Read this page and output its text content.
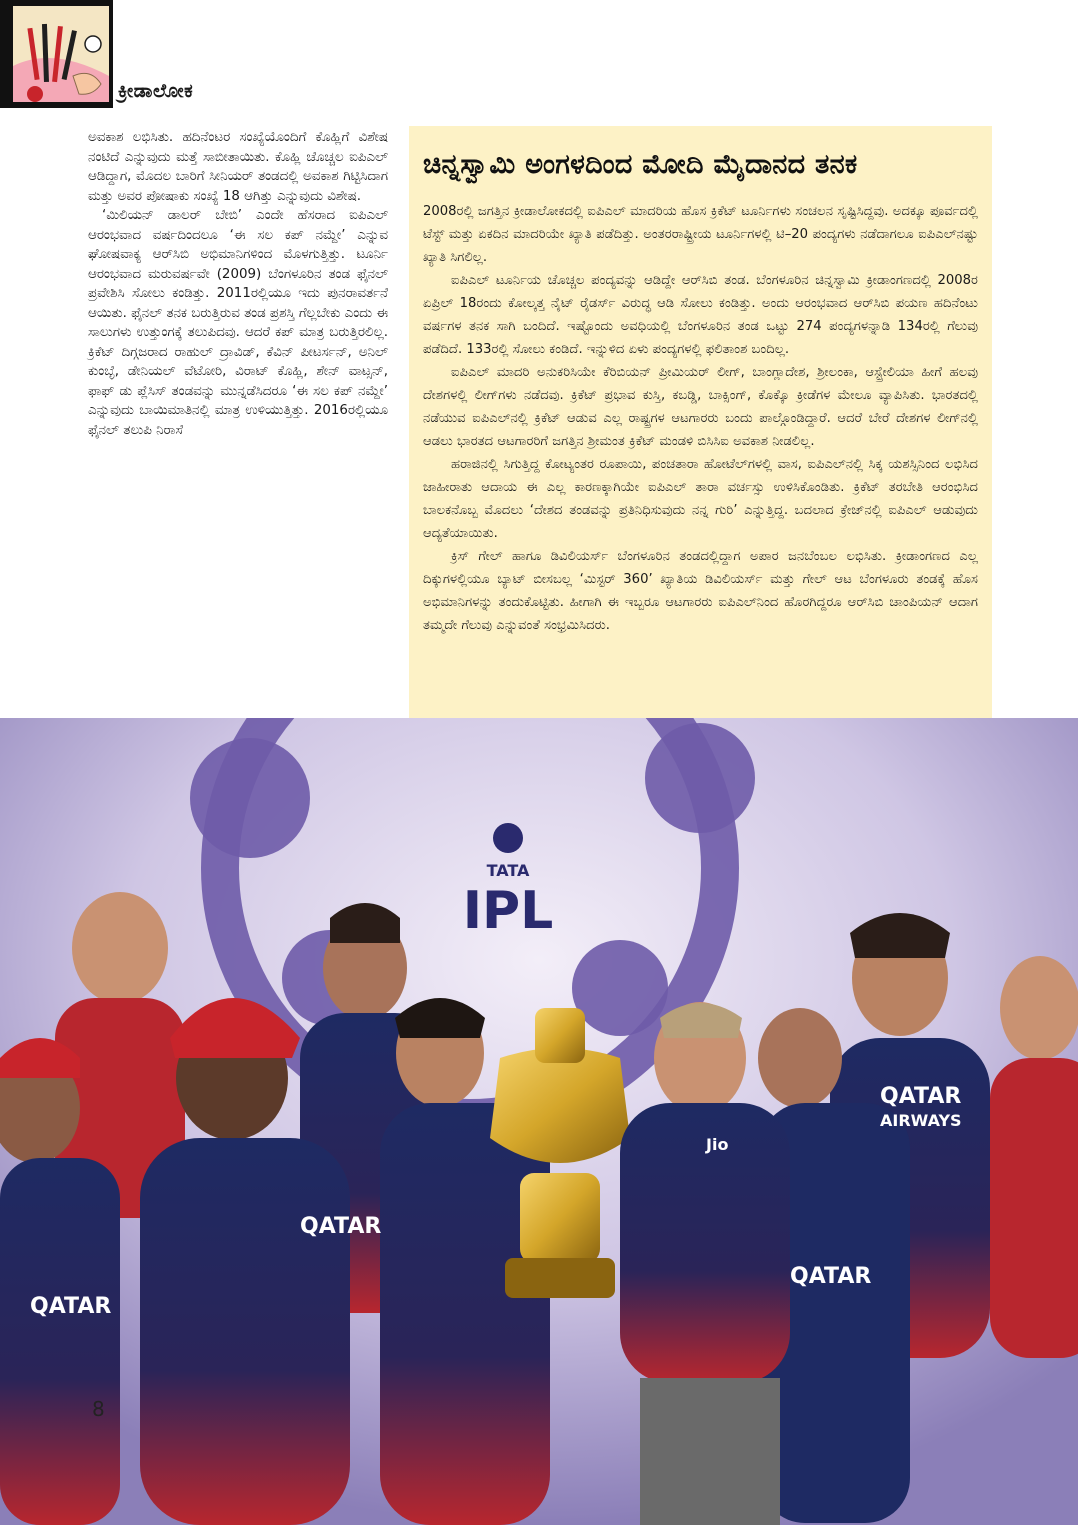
ಕ್ರೀಡಾಲೋಕ

ಅವಕಾಶ ಲಭಿಸಿತು. ಹದಿನೆಂಟರ ಸಂಖ್ಯೆಯೊಂದಿಗೆ ಕೊಹ್ಲಿಗೆ ವಿಶೇಷ ನಂಟಿದೆ ಎನ್ನುವುದು ಮತ್ತೆ ಸಾಬೀತಾಯಿತು. ಕೊಹ್ಲಿ ಚೊಚ್ಚಲ ಐಪಿಎಲ್ ಆಡಿದ್ದಾಗ, ಮೊದಲ ಬಾರಿಗೆ ಸೀನಿಯರ್ ತಂಡದಲ್ಲಿ ಅವಕಾಶ ಗಿಟ್ಟಿಸಿದಾಗ ಮತ್ತು ಅವರ ಪೋಷಾಕು ಸಂಖ್ಯೆ 18 ಆಗಿತ್ತು ಎನ್ನುವುದು ವಿಶೇಷ.

‘ಮಿಲಿಯನ್ ಡಾಲರ್ ಬೇಬಿ’ ಎಂದೇ ಹೆಸರಾದ ಐಪಿಎಲ್ ಆರಂಭವಾದ ವರ್ಷದಿಂದಲೂ ‘ಈ ಸಲ ಕಪ್ ನಮ್ದೇ’ ಎನ್ನುವ ಘೋಷವಾಕ್ಯ ಆರ್‌ಸಿಬಿ ಅಭಿಮಾನಿಗಳಿಂದ ಮೊಳಗುತ್ತಿತ್ತು. ಟೂರ್ನಿ ಆರಂಭವಾದ ಮರುವರ್ಷವೇ (2009) ಬೆಂಗಳೂರಿನ ತಂಡ ಫೈನಲ್ ಪ್ರವೇಶಿಸಿ ಸೋಲು ಕಂಡಿತ್ತು. 2011ರಲ್ಲಿಯೂ ಇದು ಪುನರಾವರ್ತನೆ ಆಯಿತು. ಫೈನಲ್ ತನಕ ಬರುತ್ತಿರುವ ತಂಡ ಪ್ರಶಸ್ತಿ ಗೆಲ್ಲಬೇಕು ಎಂದು ಈ ಸಾಲುಗಳು ಉತ್ತುಂಗಕ್ಕೆ ತಲುಪಿದವು. ಆದರೆ ಕಪ್ ಮಾತ್ರ ಬರುತ್ತಿರಲಿಲ್ಲ. ಕ್ರಿಕೆಟ್ ದಿಗ್ಗಜರಾದ ರಾಹುಲ್ ದ್ರಾವಿಡ್, ಕೆವಿನ್ ಪೀಟರ್ಸನ್, ಅನಿಲ್ ಕುಂಬ್ಳೆ, ಡೇನಿಯಲ್ ವೆಟೋರಿ, ವಿರಾಟ್ ಕೊಹ್ಲಿ, ಶೇನ್ ವಾಟ್ಸನ್, ಫಾಫ್ ಡು ಪ್ಲೆಸಿಸ್ ತಂಡವನ್ನು ಮುನ್ನಡೆಸಿದರೂ ‘ಈ ಸಲ ಕಪ್ ನಮ್ದೇ’ ಎನ್ನುವುದು ಬಾಯಿಮಾತಿನಲ್ಲಿ ಮಾತ್ರ ಉಳಿಯುತ್ತಿತ್ತು. 2016ರಲ್ಲಿಯೂ ಫೈನಲ್ ತಲುಪಿ ನಿರಾಸೆ

ಚಿನ್ನಸ್ವಾಮಿ ಅಂಗಳದಿಂದ ಮೋದಿ ಮೈದಾನದ ತನಕ

2008ರಲ್ಲಿ ಜಗತ್ತಿನ ಕ್ರೀಡಾಲೋಕದಲ್ಲಿ ಐಪಿಎಲ್ ಮಾದರಿಯ ಹೊಸ ಕ್ರಿಕೆಟ್ ಟೂರ್ನಿಗಳು ಸಂಚಲನ ಸೃಷ್ಟಿಸಿದ್ದವು. ಅದಕ್ಕೂ ಪೂರ್ವದಲ್ಲಿ ಟೆಸ್ಟ್ ಮತ್ತು ಏಕದಿನ ಮಾದರಿಯೇ ಖ್ಯಾತಿ ಪಡೆದಿತ್ತು. ಅಂತರರಾಷ್ಟ್ರೀಯ ಟೂರ್ನಿಗಳಲ್ಲಿ ಟಿ–20 ಪಂದ್ಯಗಳು ನಡೆದಾಗಲೂ ಐಪಿಎಲ್‌ನಷ್ಟು ಖ್ಯಾತಿ ಸಿಗಲಿಲ್ಲ.

ಐಪಿಎಲ್ ಟೂರ್ನಿಯ ಚೊಚ್ಚಲ ಪಂದ್ಯವನ್ನು ಆಡಿದ್ದೇ ಆರ್‌ಸಿಬಿ ತಂಡ. ಬೆಂಗಳೂರಿನ ಚಿನ್ನಸ್ವಾಮಿ ಕ್ರೀಡಾಂಗಣದಲ್ಲಿ 2008ರ ಏಪ್ರಿಲ್ 18ರಂದು ಕೋಲ್ಕತ್ತ ನೈಟ್ ರೈಡರ್ಸ್ ವಿರುದ್ಧ ಆಡಿ ಸೋಲು ಕಂಡಿತ್ತು. ಅಂದು ಆರಂಭವಾದ ಆರ್‌ಸಿಬಿ ಪಯಣ ಹದಿನೆಂಟು ವರ್ಷಗಳ ತನಕ ಸಾಗಿ ಬಂದಿದೆ. ಇಷ್ಟೊಂದು ಅವಧಿಯಲ್ಲಿ ಬೆಂಗಳೂರಿನ ತಂಡ ಒಟ್ಟು 274 ಪಂದ್ಯಗಳನ್ನಾಡಿ 134ರಲ್ಲಿ ಗೆಲುವು ಪಡೆದಿದೆ. 133ರಲ್ಲಿ ಸೋಲು ಕಂಡಿದೆ. ಇನ್ನುಳಿದ ಏಳು ಪಂದ್ಯಗಳಲ್ಲಿ ಫಲಿತಾಂಶ ಬಂದಿಲ್ಲ.

ಐಪಿಎಲ್ ಮಾದರಿ ಅನುಕರಿಸಿಯೇ ಕೆರಿಬಿಯನ್ ಪ್ರೀಮಿಯರ್ ಲೀಗ್, ಬಾಂಗ್ಲಾದೇಶ, ಶ್ರೀಲಂಕಾ, ಆಸ್ಟ್ರೇಲಿಯಾ ಹೀಗೆ ಹಲವು ದೇಶಗಳಲ್ಲಿ ಲೀಗ್‌ಗಳು ನಡೆದವು. ಕ್ರಿಕೆಟ್ ಪ್ರಭಾವ ಕುಸ್ತಿ, ಕಬಡ್ಡಿ, ಬಾಕ್ಸಿಂಗ್, ಕೊಕ್ಕೊ ಕ್ರೀಡೆಗಳ ಮೇಲೂ ವ್ಯಾಪಿಸಿತು. ಭಾರತದಲ್ಲಿ ನಡೆಯುವ ಐಪಿಎಲ್‌ನಲ್ಲಿ ಕ್ರಿಕೆಟ್ ಆಡುವ ಎಲ್ಲ ರಾಷ್ಟ್ರಗಳ ಆಟಗಾರರು ಬಂದು ಪಾಲ್ಗೊಂಡಿದ್ದಾರೆ. ಆದರೆ ಬೇರೆ ದೇಶಗಳ ಲೀಗ್‌ನಲ್ಲಿ ಆಡಲು ಭಾರತದ ಆಟಗಾರರಿಗೆ ಜಗತ್ತಿನ ಶ್ರೀಮಂತ ಕ್ರಿಕೆಟ್ ಮಂಡಳಿ ಬಿಸಿಸಿಐ ಅವಕಾಶ ನೀಡಲಿಲ್ಲ.

ಹರಾಜಿನಲ್ಲಿ ಸಿಗುತ್ತಿದ್ದ ಕೋಟ್ಯಂತರ ರೂಪಾಯಿ, ಪಂಚತಾರಾ ಹೋಟೆಲ್‌ಗಳಲ್ಲಿ ವಾಸ, ಐಪಿಎಲ್‌ನಲ್ಲಿ ಸಿಕ್ಕ ಯಶಸ್ಸಿನಿಂದ ಲಭಿಸಿದ ಜಾಹೀರಾತು ಆದಾಯ ಈ ಎಲ್ಲ ಕಾರಣಕ್ಕಾಗಿಯೇ ಐಪಿಎಲ್ ತಾರಾ ವರ್ಚಸ್ಸು ಉಳಿಸಿಕೊಂಡಿತು. ಕ್ರಿಕೆಟ್ ತರಬೇತಿ ಆರಂಭಿಸಿದ ಬಾಲಕನೊಬ್ಬ ಮೊದಲು ‘ದೇಶದ ತಂಡವನ್ನು ಪ್ರತಿನಿಧಿಸುವುದು ನನ್ನ ಗುರಿ’ ಎನ್ನುತ್ತಿದ್ದ. ಬದಲಾದ ಕ್ರೇಜ್‌ನಲ್ಲಿ ಐಪಿಎಲ್ ಆಡುವುದು ಆದ್ಯತೆಯಾಯಿತು.

ಕ್ರಿಸ್ ಗೇಲ್ ಹಾಗೂ ಡಿವಿಲಿಯರ್ಸ್ ಬೆಂಗಳೂರಿನ ತಂಡದಲ್ಲಿದ್ದಾಗ ಅಪಾರ ಜನಬೆಂಬಲ ಲಭಿಸಿತು. ಕ್ರೀಡಾಂಗಣದ ಎಲ್ಲ ದಿಕ್ಕುಗಳಲ್ಲಿಯೂ ಬ್ಯಾಟ್ ಬೀಸಬಲ್ಲ ‘ಮಿಸ್ಟರ್ 360’ ಖ್ಯಾತಿಯ ಡಿವಿಲಿಯರ್ಸ್ ಮತ್ತು ಗೇಲ್ ಆಟ ಬೆಂಗಳೂರು ತಂಡಕ್ಕೆ ಹೊಸ ಅಭಿಮಾನಿಗಳನ್ನು ತಂದುಕೊಟ್ಟಿತು. ಹೀಗಾಗಿ ಈ ಇಬ್ಬರೂ ಆಟಗಾರರು ಐಪಿಎಲ್‌ನಿಂದ ಹೊರಗಿದ್ದರೂ ಆರ್‌ಸಿಬಿ ಚಾಂಪಿಯನ್ ಆದಾಗ ತಮ್ಮದೇ ಗೆಲುವು ಎನ್ನುವಂತೆ ಸಂಭ್ರಮಿಸಿದರು.

TATA
IPL
QATAR
QATAR
AIRWAYS
QATAR
QATAR
Jio
8
